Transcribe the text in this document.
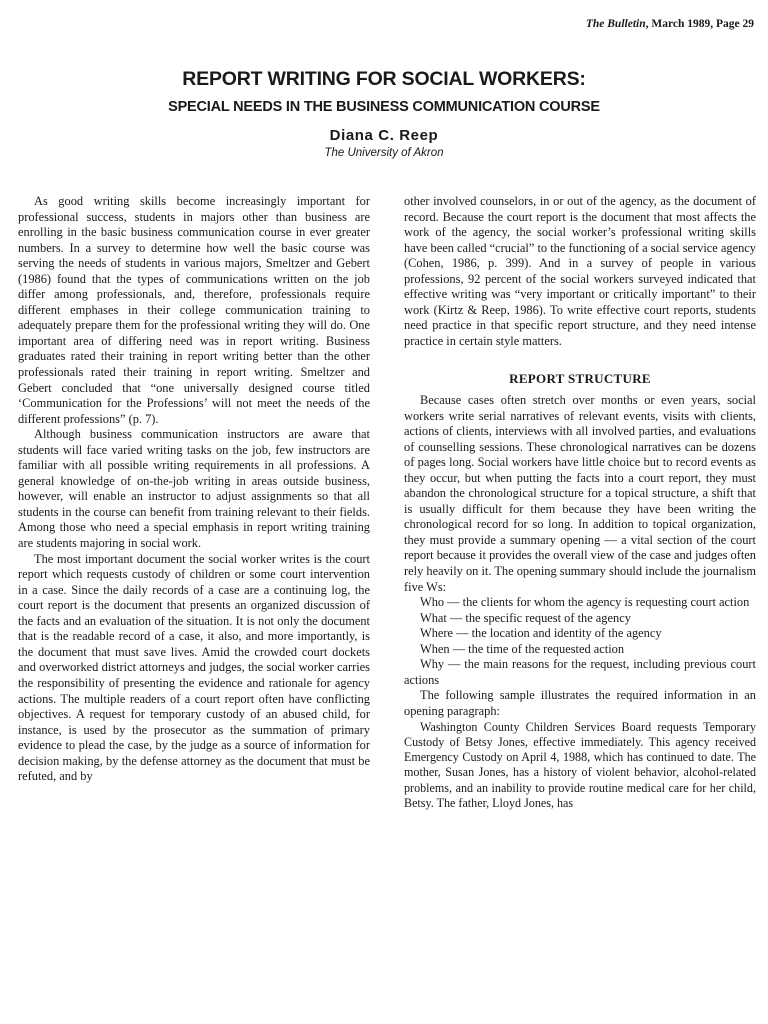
The Bulletin, March 1989, Page 29
REPORT WRITING FOR SOCIAL WORKERS:
SPECIAL NEEDS IN THE BUSINESS COMMUNICATION COURSE
Diana C. Reep
The University of Akron

As good writing skills become increasingly important for professional success, students in majors other than business are enrolling in the basic business communication course in ever greater numbers. In a survey to determine how well the basic course was serving the needs of students in various majors, Smeltzer and Gebert (1986) found that the types of communications written on the job differ among professionals, and, therefore, professionals require different emphases in their college communication training to adequately prepare them for the professional writing they will do. One important area of differing need was in report writing. Business graduates rated their training in report writing better than the other professionals rated their training in report writing. Smeltzer and Gebert concluded that “one universally designed course titled ‘Communication for the Professions’ will not meet the needs of the different professions” (p. 7).

Although business communication instructors are aware that students will face varied writing tasks on the job, few instructors are familiar with all possible writing requirements in all professions. A general knowledge of on-the-job writing in areas outside business, however, will enable an instructor to adjust assignments so that all students in the course can benefit from training relevant to their fields. Among those who need a special emphasis in report writing training are students majoring in social work.

The most important document the social worker writes is the court report which requests custody of children or some court intervention in a case. Since the daily records of a case are a continuing log, the court report is the document that presents an organized discussion of the facts and an evaluation of the situation. It is not only the document that is the readable record of a case, it also, and more importantly, is the document that must save lives. Amid the crowded court dockets and overworked district attorneys and judges, the social worker carries the responsibility of presenting the evidence and rationale for agency actions. The multiple readers of a court report often have conflicting objectives. A request for temporary custody of an abused child, for instance, is used by the prosecutor as the summation of primary evidence to plead the case, by the judge as a source of information for decision making, by the defense attorney as the document that must be refuted, and by

other involved counselors, in or out of the agency, as the document of record. Because the court report is the document that most affects the work of the agency, the social worker’s professional writing skills have been called “crucial” to the functioning of a social service agency (Cohen, 1986, p. 399). And in a survey of people in various professions, 92 percent of the social workers surveyed indicated that effective writing was “very important or critically important” to their work (Kirtz & Reep, 1986). To write effective court reports, students need practice in that specific report structure, and they need intense practice in certain style matters.

REPORT STRUCTURE

Because cases often stretch over months or even years, social workers write serial narratives of relevant events, visits with clients, actions of clients, interviews with all involved parties, and evaluations of counselling sessions. These chronological narratives can be dozens of pages long. Social workers have little choice but to record events as they occur, but when putting the facts into a court report, they must abandon the chronological structure for a topical structure, a shift that is usually difficult for them because they have been writing the chronological record for so long. In addition to topical organization, they must provide a summary opening — a vital section of the court report because it provides the overall view of the case and judges often rely heavily on it. The opening summary should include the journalism five Ws:

Who — the clients for whom the agency is requesting court action

What — the specific request of the agency

Where — the location and identity of the agency

When — the time of the requested action

Why — the main reasons for the request, including previous court actions

The following sample illustrates the required information in an opening paragraph:

Washington County Children Services Board requests Temporary Custody of Betsy Jones, effective immediately. This agency received Emergency Custody on April 4, 1988, which has continued to date. The mother, Susan Jones, has a history of violent behavior, alcohol-related problems, and an inability to provide routine medical care for her child, Betsy. The father, Lloyd Jones, has
